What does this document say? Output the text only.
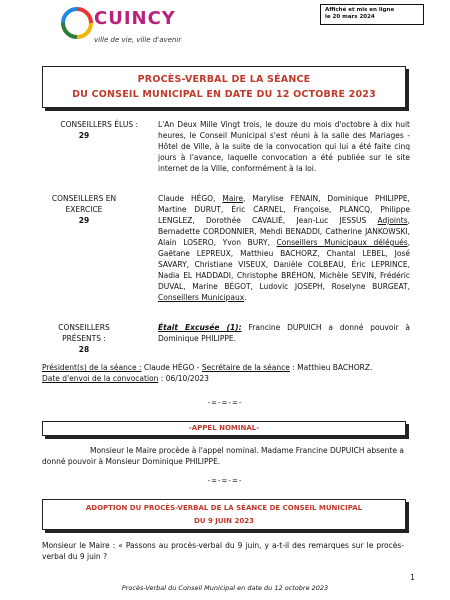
CUINCY
ville de vie, ville d'avenir
Affiché et mis en ligne
le 20 mars 2024
PROCÈS-VERBAL DE LA SÉANCE
DU CONSEIL MUNICIPAL EN DATE DU 12 OCTOBRE 2023
CONSEILLERS ÉLUS :
29
L'An Deux Mille Vingt trois, le douze du mois d'octobre à dix huit heures, le Conseil Municipal s'est réuni à la salle des Mariages - Hôtel de Ville, à la suite de la convocation qui lui a été faite cinq jours à l'avance, laquelle convocation a été publiée sur le site internet de la Ville, conformément à la loi.
CONSEILLERS EN
EXERCICE
29
Claude HÉGO, Maire, Marylise FENAIN, Dominique PHILIPPE, Martine DURUT, Éric CARNEL, Françoise, PLANCQ, Philippe LENGLEZ, Dorothée CAVALIÉ, Jean-Luc JESSUS Adjoints, Bernadette CORDONNIER, Mehdi BENADDI, Catherine JANKOWSKI, Alain LOSERO, Yvon BURY, Conseillers Municipaux délégués, Gaëtane LEPREUX, Matthieu BACHORZ, Chantal LEBEL, José SAVARY, Christiane VISEUX, Danièle COLBEAU, Éric LEPRINCE, Nadia EL HADDADI, Christophe BRÉHON, Michèle SEVIN, Frédéric DUVAL, Marine BÉGOT, Ludovic JOSEPH, Roselyne BURGEAT, Conseillers Municipaux.
CONSEILLERS
PRÉSENTS :
28
Était Excusée (1): Francine DUPUICH a donné pouvoir à Dominique PHILIPPE.
Président(s) de la séance : Claude HÉGO - Secrétaire de la séance : Matthieu BACHORZ.
Date d'envoi de la convocation : 06/10/2023
-=-=-=-
-APPEL NOMINAL-
Monsieur le Maire procède à l'appel nominal. Madame Francine DUPUICH absente a donné pouvoir à Monsieur Dominique PHILIPPE.
-=-=-=-
ADOPTION DU PROCÈS-VERBAL DE LA SÉANCE DE CONSEIL MUNICIPAL
DU 9 JUIN 2023
Monsieur le Maire : « Passons au procès-verbal du 9 juin, y a-t-il des remarques sur le procès-verbal du 9 juin ?
1
Procès-Verbal du Conseil Municipal en date du 12 octobre 2023
